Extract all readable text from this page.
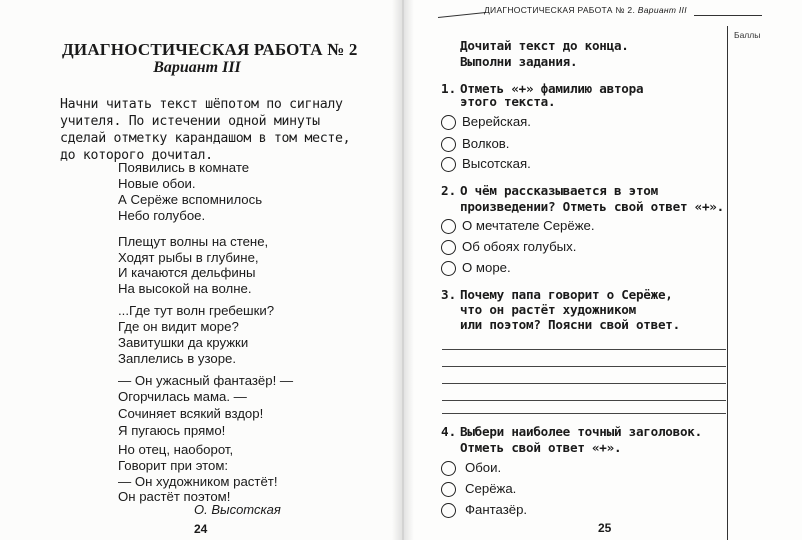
ДИАГНОСТИЧЕСКАЯ РАБОТА № 2
Вариант III
Начни читать текст шёпотом по сигналу
учителя. По истечении одной минуты
сделай отметку карандашом в том месте,
до которого дочитал.
Появились в комнате
Новые обои.
А Серёже вспомнилось
Небо голубое.
Плещут волны на стене,
Ходят рыбы в глубине,
И качаются дельфины
На высокой на волне.
...Где тут волн гребешки?
Где он видит море?
Завитушки да кружки
Заплелись в узоре.
— Он ужасный фантазёр! —
Огорчилась мама. —
Сочиняет всякий вздор!
Я пугаюсь прямо!
Но отец, наоборот,
Говорит при этом:
— Он художником растёт!
Он растёт поэтом!
О. Высотская
24
ДИАГНОСТИЧЕСКАЯ РАБОТА № 2. Вариант III
Баллы
Дочитай текст до конца.
Выполни задания.
1. Отметь «+» фамилию автора
этого текста.
Верейская.
Волков.
Высотская.
2. О чём рассказывается в этом
произведении? Отметь свой ответ «+».
О мечтателе Серёже.
Об обоях голубых.
О море.
3. Почему папа говорит о Серёже,
что он растёт художником
или поэтом? Поясни свой ответ.
4. Выбери наиболее точный заголовок.
Отметь свой ответ «+».
Обои.
Серёжа.
Фантазёр.
25
